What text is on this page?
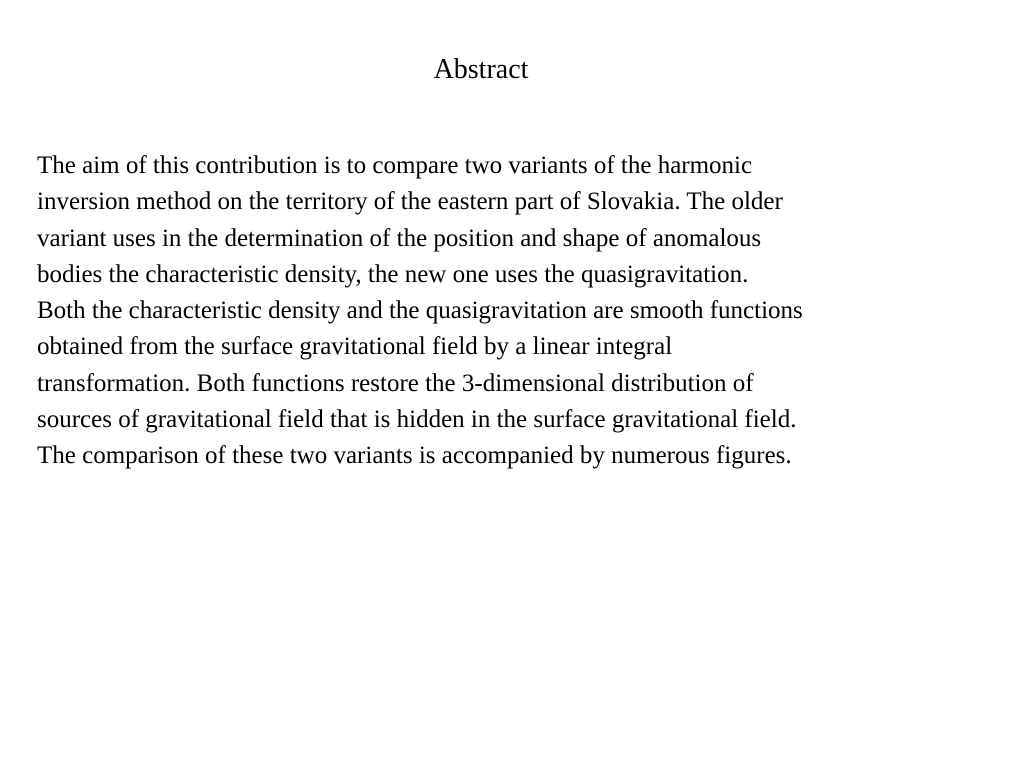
Abstract
The aim of this contribution is to compare two variants of the harmonic
inversion method on the territory of the eastern part of Slovakia. The older
variant uses in the determination of the position and shape of anomalous
bodies the characteristic density, the new one uses the quasigravitation.
Both the characteristic density and the quasigravitation are smooth functions
obtained from the surface gravitational field by a linear integral
transformation. Both functions restore the 3-dimensional distribution of
sources of gravitational field that is hidden in the surface gravitational field.
The comparison of these two variants is accompanied by numerous figures.
